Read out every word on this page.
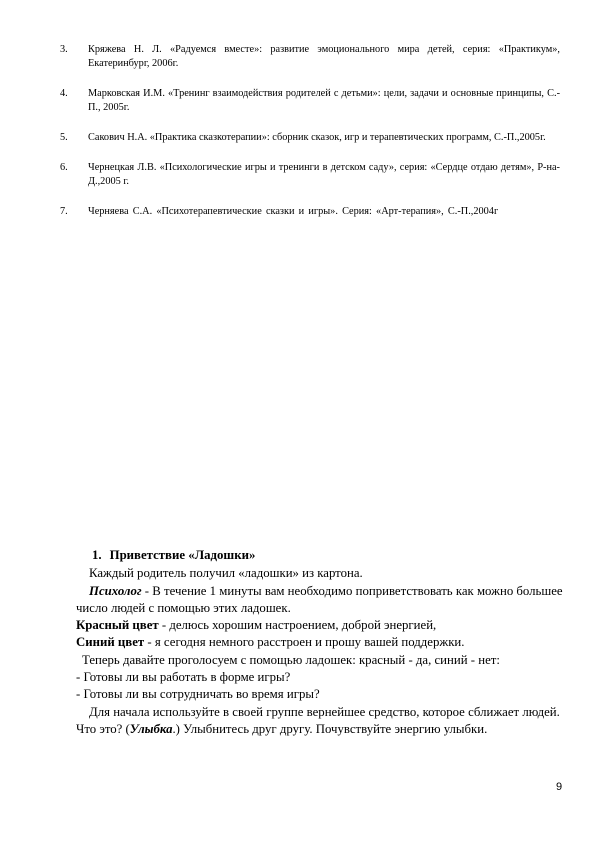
3. Кряжева Н. Л. «Радуемся вместе»: развитие эмоционального мира детей, серия: «Практикум», Екатеринбург, 2006г.
4. Марковская И.М. «Тренинг взаимодействия родителей с детьми»: цели, задачи и основные принципы, С.-П., 2005г.
5. Сакович Н.А. «Практика сказкотерапии»: сборник сказок, игр и терапевтических программ, С.-П.,2005г.
6. Чернецкая Л.В. «Психологические игры и тренинги в детском саду», серия: «Сердце отдаю детям», Р-на-Д.,2005 г.
7. Черняева С.А. «Психотерапевтические сказки и игры». Серия: «Арт-терапия», С.-П.,2004г
1. Приветствие «Ладошки»

Каждый родитель получил «ладошки» из картона.

Психолог - В течение 1 минуты вам необходимо поприветствовать как можно большее число людей с помощью этих ладошек.

Красный цвет - делюсь хорошим настроением, доброй энергией,

Синий цвет - я сегодня немного расстроен и прошу вашей поддержки.

Теперь давайте проголосуем с помощью ладошек: красный - да, синий - нет:

- Готовы ли вы работать в форме игры?

- Готовы ли вы сотрудничать во время игры?

Для начала используйте в своей группе вернейшее средство, которое сближает людей. Что это? (Улыбка.) Улыбнитесь друг другу. Почувствуйте энергию улыбки.

9
